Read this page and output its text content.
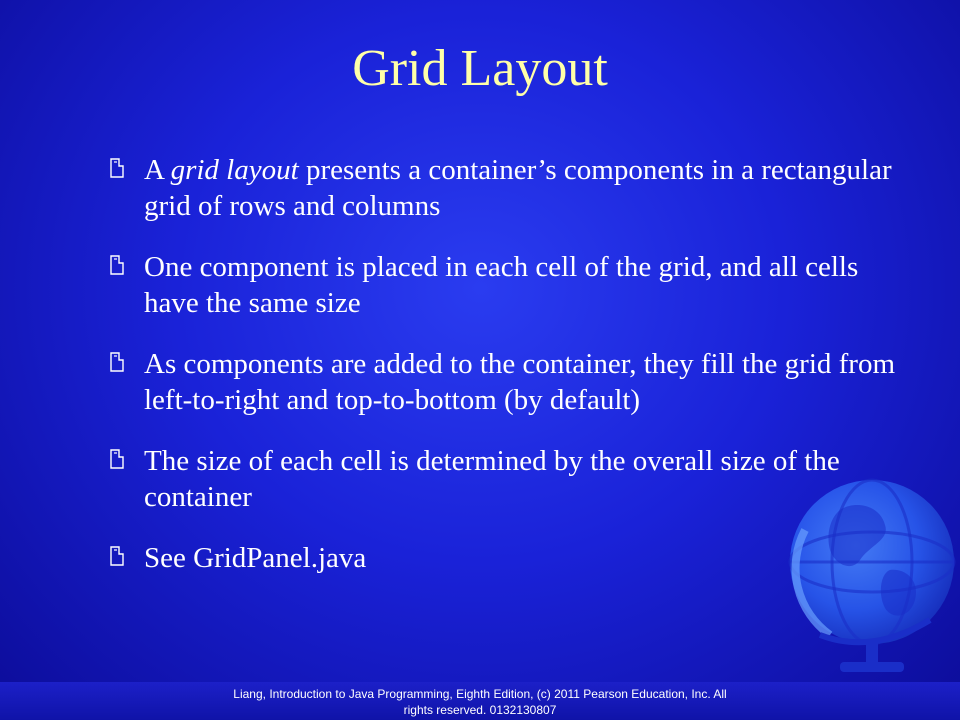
Grid Layout
A grid layout presents a container’s components in a rectangular grid of rows and columns
One component is placed in each cell of the grid, and all cells have the same size
As components are added to the container, they fill the grid from left-to-right and top-to-bottom (by default)
The size of each cell is determined by the overall size of the container
See GridPanel.java
Liang, Introduction to Java Programming, Eighth Edition, (c) 2011 Pearson Education, Inc. All
rights reserved. 0132130807
